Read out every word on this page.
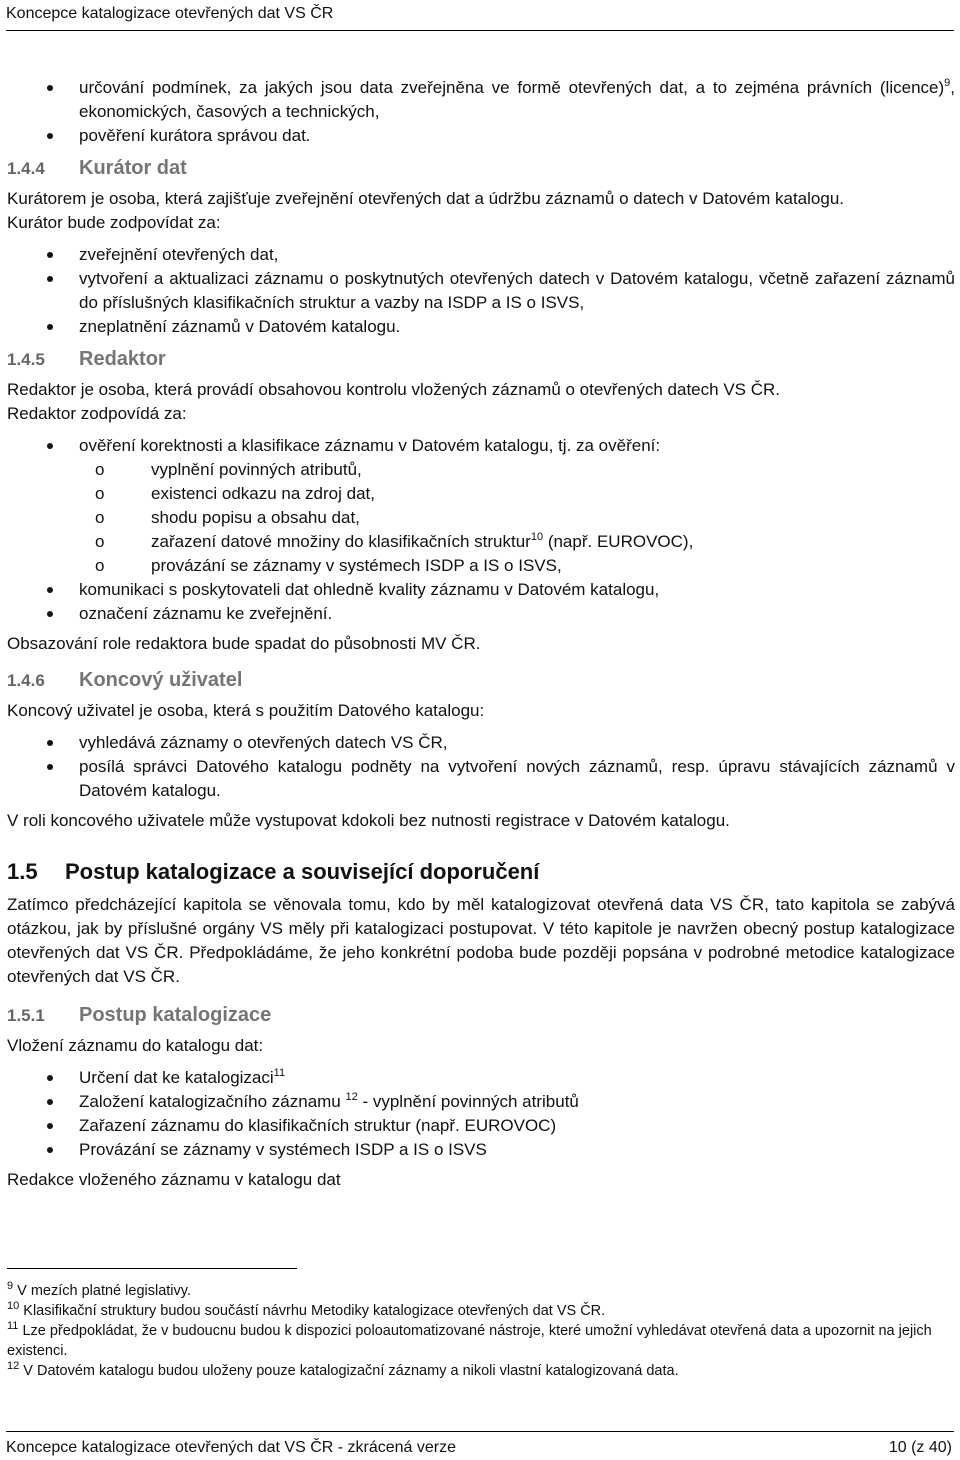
Koncepce katalogizace otevřených dat VS ČR
určování podmínek, za jakých jsou data zveřejněna ve formě otevřených dat, a to zejména právních (licence)$^9$, ekonomických, časových a technických,
pověření kurátora správou dat.
1.4.4 Kurátor dat

Kurátorem je osoba, která zajišťuje zveřejnění otevřených dat a údržbu záznamů o datech v Datovém katalogu.

Kurátor bude zodpovídat za:

zveřejnění otevřených dat,
vytvoření a aktualizaci záznamu o poskytnutých otevřených datech v Datovém katalogu, včetně zařazení záznamů do příslušných klasifikačních struktur a vazby na ISDP a IS o ISVS,
zneplatnění záznamů v Datovém katalogu.
1.4.5 Redaktor

Redaktor je osoba, která provádí obsahovou kontrolu vložených záznamů o otevřených datech VS ČR.

Redaktor zodpovídá za:

ověření korektnosti a klasifikace záznamu v Datovém katalogu, tj. za ověření:
o	vyplnění povinných atributů,
o	existenci odkazu na zdroj dat,
o	shodu popisu a obsahu dat,
o	zařazení datové množiny do klasifikačních struktur$^{10}$ (např. EUROVOC),
o	provázání se záznamy v systémech ISDP a IS o ISVS,
komunikaci s poskytovateli dat ohledně kvality záznamu v Datovém katalogu,
označení záznamu ke zveřejnění.

Obsazování role redaktora bude spadat do působnosti MV ČR.

1.4.6 Koncový uživatel

Koncový uživatel je osoba, která s použitím Datového katalogu:

vyhledává záznamy o otevřených datech VS ČR,
posílá správci Datového katalogu podněty na vytvoření nových záznamů, resp. úpravu stávajících záznamů v Datovém katalogu.

V roli koncového uživatele může vystupovat kdokoli bez nutnosti registrace v Datovém katalogu.

1.5 Postup katalogizace a související doporučení

Zatímco předcházející kapitola se věnovala tomu, kdo by měl katalogizovat otevřená data VS ČR, tato kapitola se zabývá otázkou, jak by příslušné orgány VS měly při katalogizaci postupovat. V této kapitole je navržen obecný postup katalogizace otevřených dat VS ČR. Předpokládáme, že jeho konkrétní podoba bude později popsána v podrobné metodice katalogizace otevřených dat VS ČR.

1.5.1 Postup katalogizace

Vložení záznamu do katalogu dat:

Určení dat ke katalogizaci$^{11}$
Založení katalogizačního záznamu $^{12}$ - vyplnění povinných atributů
Zařazení záznamu do klasifikačních struktur (např. EUROVOC)
Provázání se záznamy v systémech ISDP a IS o ISVS

Redakce vloženého záznamu v katalogu dat

$^9$ V mezích platné legislativy.
$^{10}$ Klasifikační struktury budou součástí návrhu Metodiky katalogizace otevřených dat VS ČR.
$^{11}$ Lze předpokládat, že v budoucnu budou k dispozici poloautomatizované nástroje, které umožní vyhledávat otevřená data a upozornit na jejich existenci.
$^{12}$ V Datovém katalogu budou uloženy pouze katalogizační záznamy a nikoli vlastní katalogizovaná data.
Koncepce katalogizace otevřených dat VS ČR - zkrácená verze	10 (z 40)
